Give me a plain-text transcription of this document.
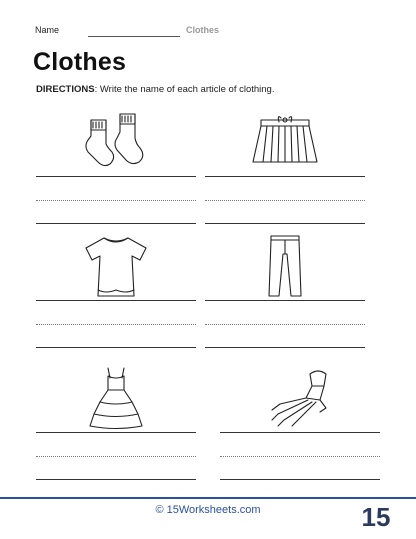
Name	Clothes
Clothes
DIRECTIONS: Write the name of each article of clothing.
© 15Worksheets.com	15
